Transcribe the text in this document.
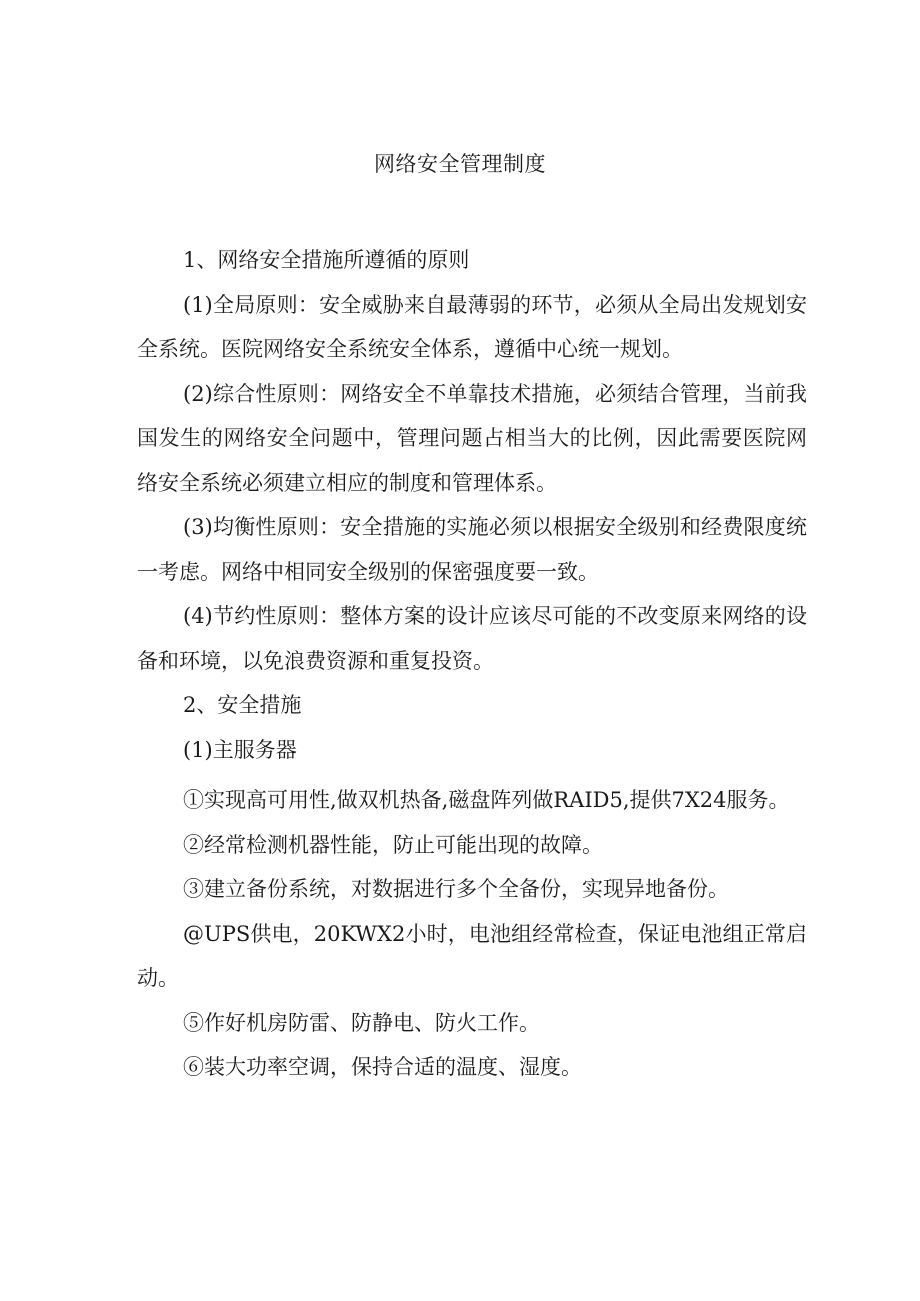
网络安全管理制度

1、网络安全措施所遵循的原则

(1)全局原则：安全威胁来自最薄弱的环节，必须从全局出发规划安全系统。医院网络安全系统安全体系，遵循中心统一规划。

(2)综合性原则：网络安全不单靠技术措施，必须结合管理，当前我国发生的网络安全问题中，管理问题占相当大的比例，因此需要医院网络安全系统必须建立相应的制度和管理体系。

(3)均衡性原则：安全措施的实施必须以根据安全级别和经费限度统一考虑。网络中相同安全级别的保密强度要一致。

(4)节约性原则：整体方案的设计应该尽可能的不改变原来网络的设备和环境，以免浪费资源和重复投资。

2、安全措施

(1)主服务器

①实现高可用性,做双机热备,磁盘阵列做RAID5,提供7X24服务。

②经常检测机器性能，防止可能出现的故障。

③建立备份系统，对数据进行多个全备份，实现异地备份。

@UPS供电，20KWX2小时，电池组经常检查，保证电池组正常启动。

⑤作好机房防雷、防静电、防火工作。

⑥装大功率空调，保持合适的温度、湿度。
